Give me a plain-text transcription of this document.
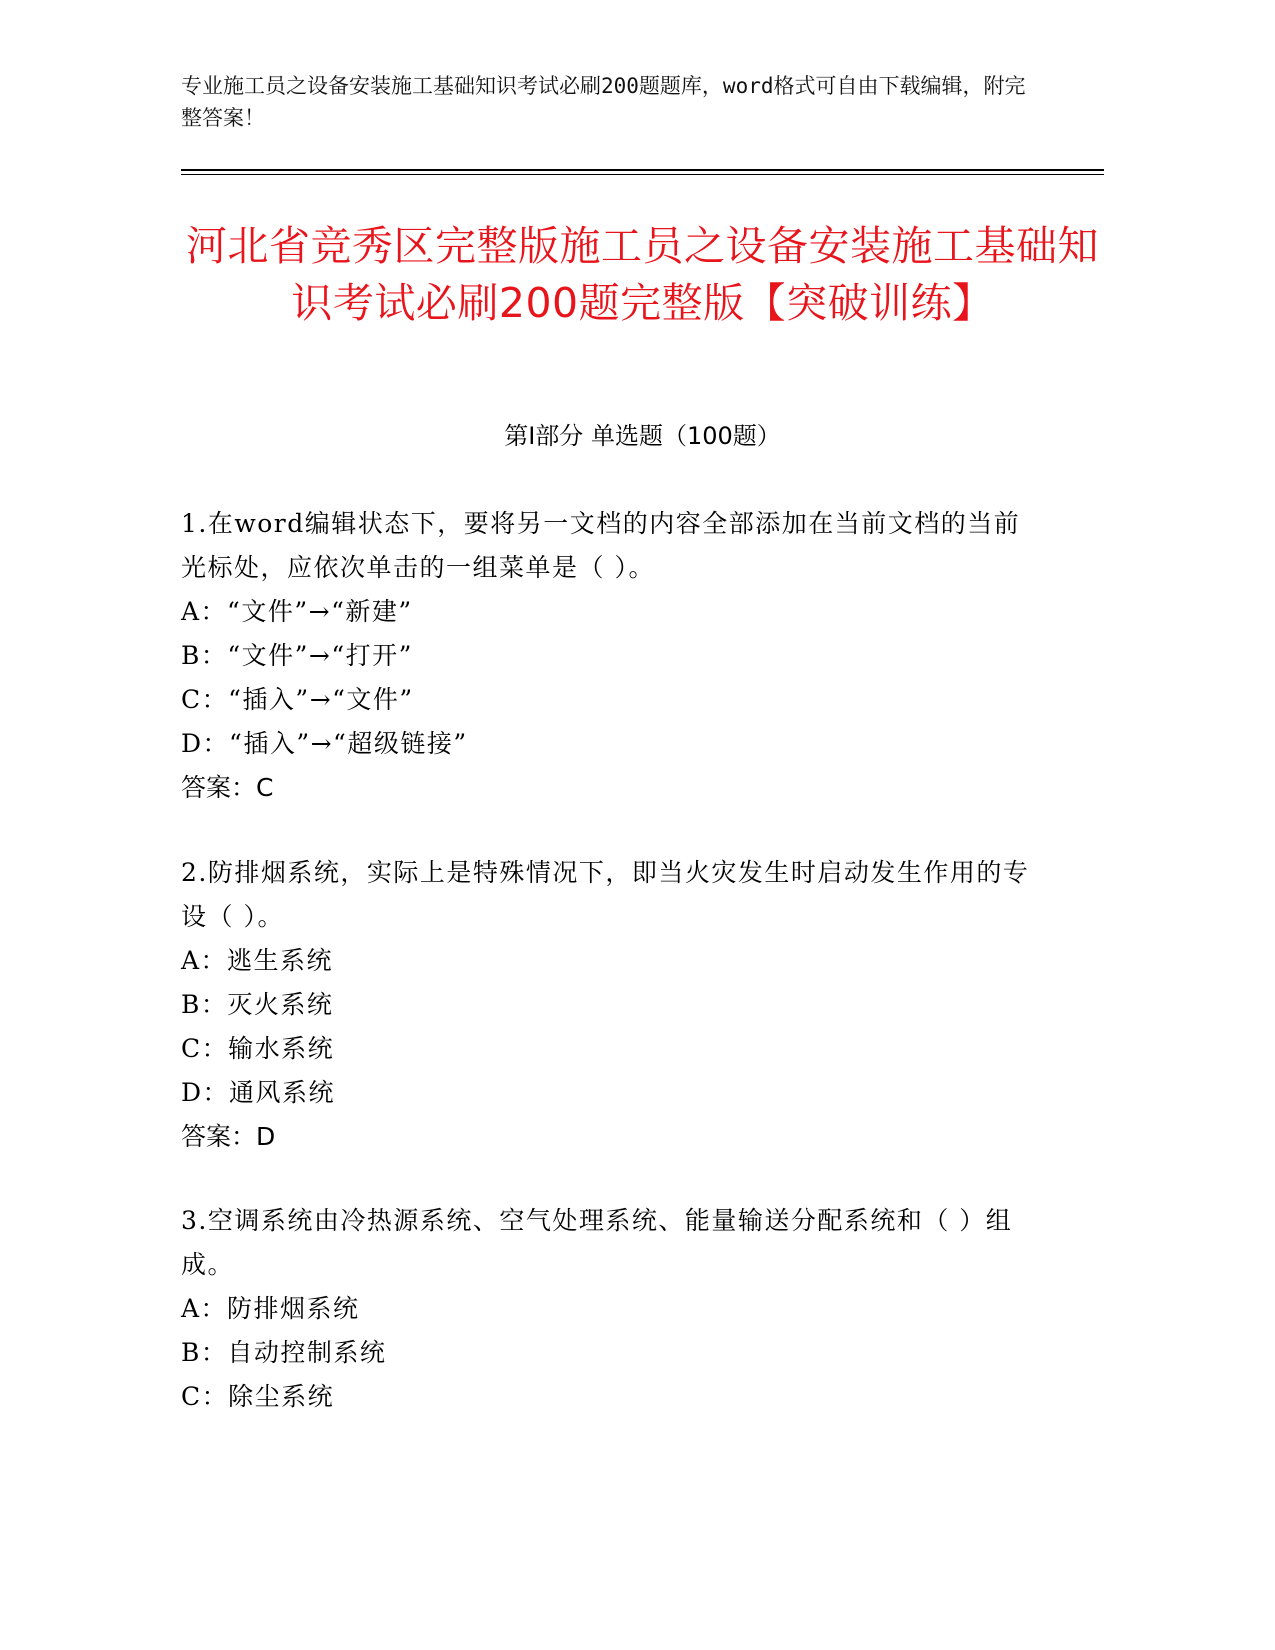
专业施工员之设备安装施工基础知识考试必刷200题题库，word格式可自由下载编辑，附完整答案！
河北省竞秀区完整版施工员之设备安装施工基础知识考试必刷200题完整版【突破训练】
第Ⅰ部分 单选题（100题）
1.在word编辑状态下，要将另一文档的内容全部添加在当前文档的当前光标处，应依次单击的一组菜单是（ ）。
A：“文件”→“新建”
B：“文件”→“打开”
C：“插入”→“文件”
D：“插入”→“超级链接”
答案：C
2.防排烟系统，实际上是特殊情况下，即当火灾发生时启动发生作用的专设（ ）。
A：逃生系统
B：灭火系统
C：输水系统
D：通风系统
答案：D
3.空调系统由冷热源系统、空气处理系统、能量输送分配系统和（ ）组成。
A：防排烟系统
B：自动控制系统
C：除尘系统
